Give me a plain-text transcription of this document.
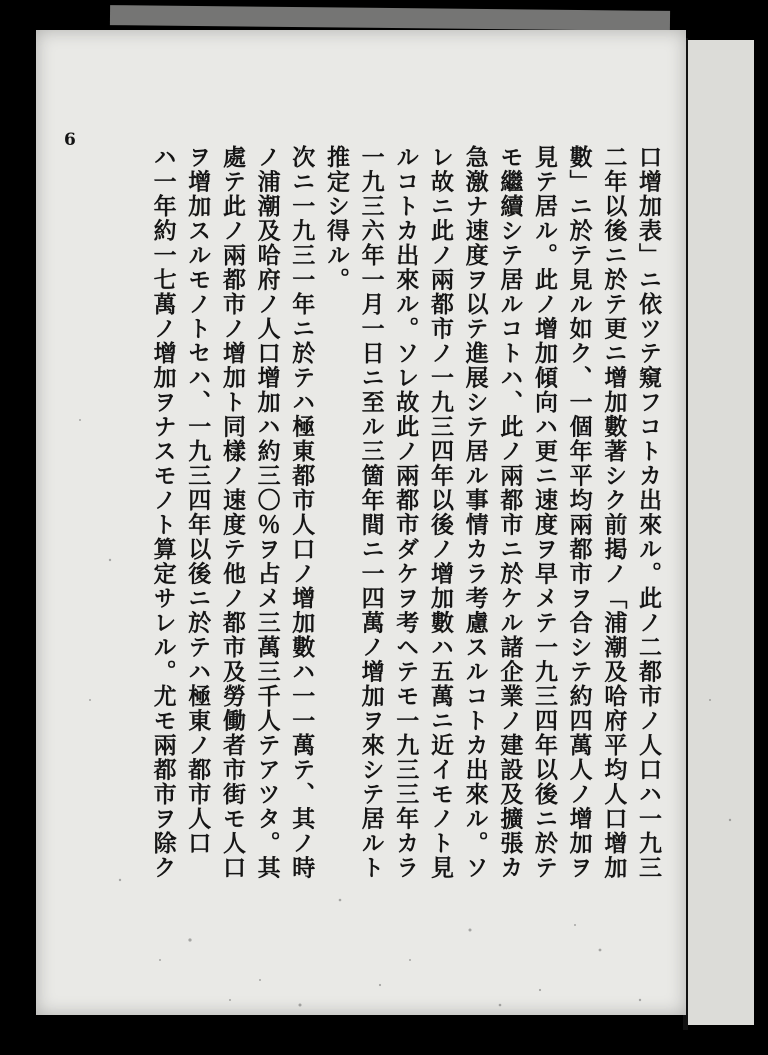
6
口增加表」ニ依ツテ窺フコトカ出來ル。此ノ二都市ノ人口ハ一九三
二年以後ニ於テ更ニ增加數著シク前掲ノ「浦潮及哈府平均人口增加
數」ニ於テ見ル如ク、一個年平均兩都市ヲ合シテ約四萬人ノ增加ヲ
見テ居ル。此ノ增加傾向ハ更ニ速度ヲ早メテ一九三四年以後ニ於テ
モ繼續シテ居ルコトハ、此ノ兩都市ニ於ケル諸企業ノ建設及擴張カ
急激ナ速度ヲ以テ進展シテ居ル事情カラ考慮スルコトカ出來ル。ソ
レ故ニ此ノ兩都市ノ一九三四年以後ノ增加數ハ五萬ニ近イモノト見
ルコトカ出來ル。ソレ故此ノ兩都市ダケヲ考ヘテモ一九三三年カラ
一九三六年一月一日ニ至ル三箇年間ニ一四萬ノ增加ヲ來シテ居ルト
推定シ得ル。
次ニ一九三一年ニ於テハ極東都市人口ノ增加數ハ一一萬テ、其ノ時
ノ浦潮及哈府ノ人口增加ハ約三〇％ヲ占メ三萬三千人テアツタ。其
處テ此ノ兩都市ノ增加ト同樣ノ速度テ他ノ都市及勞働者市街モ人口
ヲ增加スルモノトセハ、一九三四年以後ニ於テハ極東ノ都市人口
ハ一年約一七萬ノ增加ヲナスモノト算定サレル。尤モ兩都市ヲ除ク
